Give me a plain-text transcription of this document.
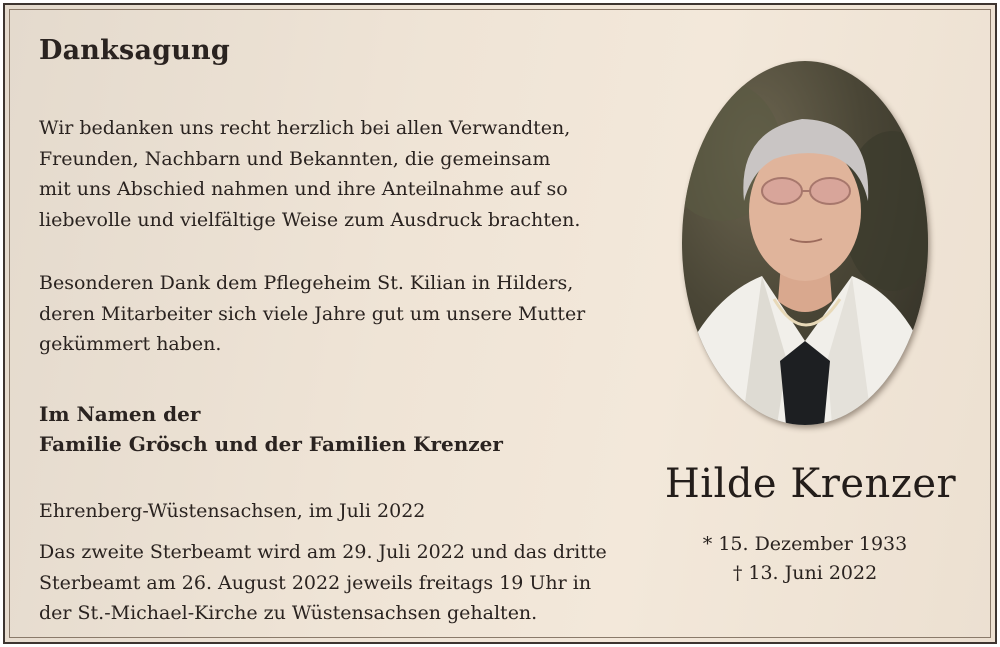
Danksagung

Wir bedanken uns recht herzlich bei allen Verwandten,
Freunden, Nachbarn und Bekannten, die gemeinsam
mit uns Abschied nahmen und ihre Anteilnahme auf so
liebevolle und vielfältige Weise zum Ausdruck brachten.

Besonderen Dank dem Pflegeheim St. Kilian in Hilders,
deren Mitarbeiter sich viele Jahre gut um unsere Mutter
gekümmert haben.

Im Namen der
Familie Grösch und der Familien Krenzer

Ehrenberg-Wüstensachsen, im Juli 2022

Das zweite Sterbeamt wird am 29. Juli 2022 und das dritte
Sterbeamt am 26. August 2022 jeweils freitags 19 Uhr in
der St.-Michael-Kirche zu Wüstensachsen gehalten.

Hilde Krenzer

* 15. Dezember 1933
† 13. Juni 2022
